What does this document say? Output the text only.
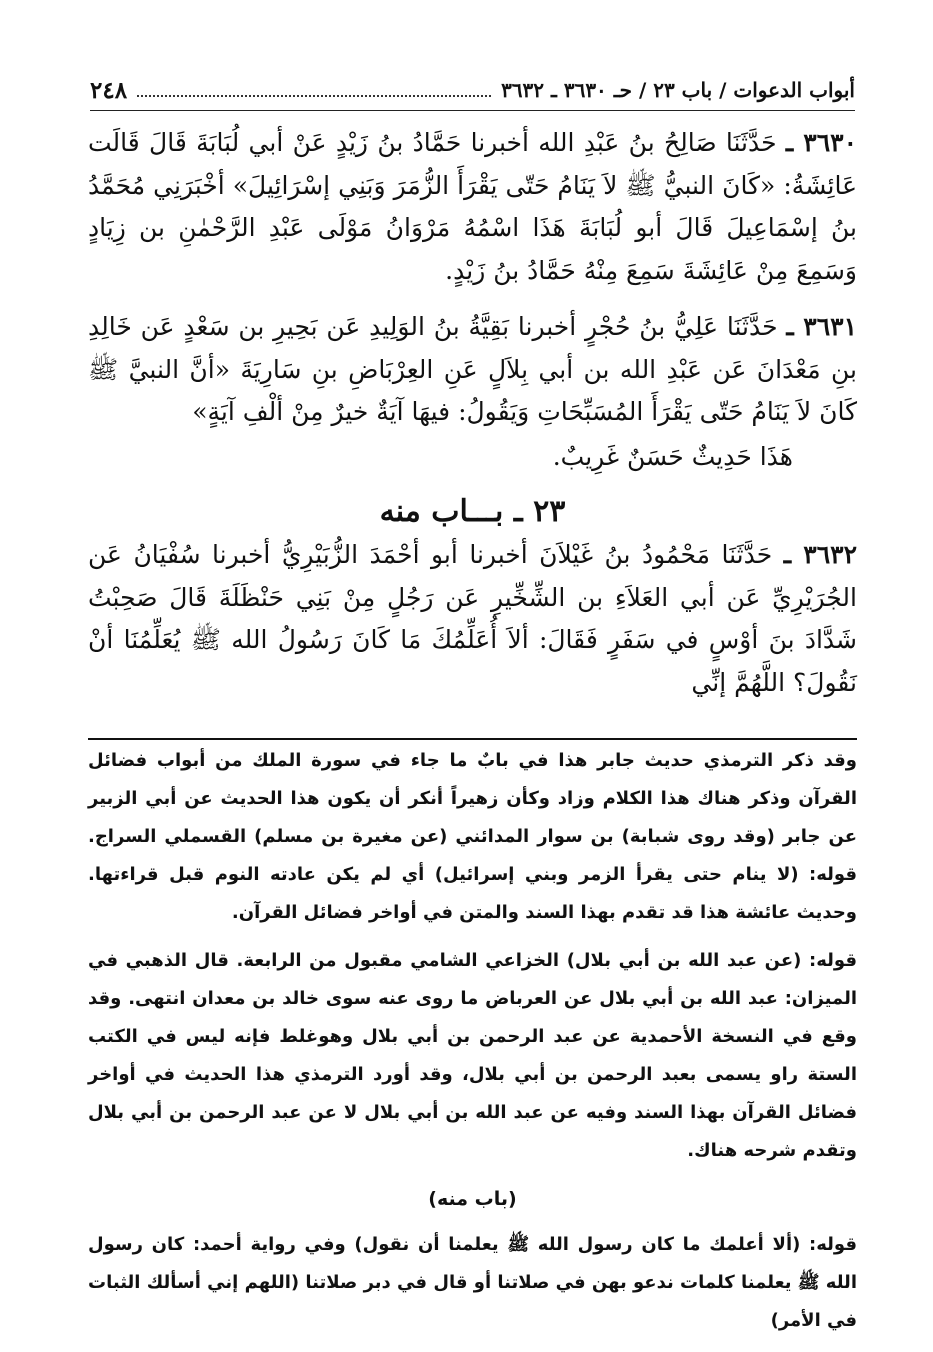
أبواب الدعوات / باب ٢٣ / حـ ٣٦٣٠ ـ ٣٦٣٢
٢٤٨

٣٦٣٠ ـ حَدَّثَنَا صَالِحُ بنُ عَبْدِ الله أخبرنا حَمَّادُ بنُ زَيْدٍ عَنْ أبي لُبَابَةَ قَالَ قَالَت عَائِشَةُ: «كَانَ النبيُّ ﷺ لاَ يَنَامُ حَتّى يَقْرَأَ الزُّمَرَ وَبَنِي إسْرَائِيلَ» أخْبَرَنِي مُحَمَّدُ بنُ إسْمَاعِيلَ قَالَ أبو لُبَابَةَ هَذَا اسْمُهُ مَرْوَانُ مَوْلَى عَبْدِ الرَّحْمٰنِ بن زِيَادٍ وَسَمِعَ مِنْ عَائِشَةَ سَمِعَ مِنْهُ حَمَّادُ بنُ زَيْدٍ.

٣٦٣١ ـ حَدَّثَنَا عَلِيُّ بنُ حُجْرٍ أخبرنا بَقِيَّةُ بنُ الوَلِيدِ عَن بَحِيرِ بن سَعْدٍ عَن خَالِدِ بنِ مَعْدَانَ عَن عَبْدِ الله بن أبي بِلاَلٍ عَنِ العِرْبَاضِ بنِ سَارِيَةَ «أنَّ النبيَّ ﷺ كَانَ لاَ يَنَامُ حَتّى يَقْرَأَ المُسَبِّحَاتِ وَيَقُولُ: فيهَا آيَةٌ خيرٌ مِنْ ألْفِ آيَةٍ»

هَذَا حَدِيثٌ حَسَنٌ غَرِيبٌ.

٢٣ ـ بـــاب منه

٣٦٣٢ ـ حَدَّثَنَا مَحْمُودُ بنُ غَيْلاَنَ أخبرنا أبو أحْمَدَ الزُّبَيْرِيُّ أخبرنا سُفْيَانُ عَن الجُرَيْرِيِّ عَن أبي العَلاَءِ بن الشِّخِّيرِ عَن رَجُلٍ مِنْ بَنِي حَنْظَلَةَ قَالَ صَحِبْتُ شَدَّادَ بنَ أوْسٍ في سَفَرٍ فَقَالَ: ألاَ أُعَلِّمُكَ مَا كَانَ رَسُولُ الله ﷺ يُعَلِّمُنَا أنْ نَقُولَ؟ اللَّهُمَّ إنِّي

وقد ذكر الترمذي حديث جابر هذا في بابٌ ما جاء في سورة الملك من أبواب فضائل القرآن وذكر هناك هذا الكلام وزاد وكأن زهيراً أنكر أن يكون هذا الحديث عن أبي الزبير عن جابر (وقد روى شبابة) بن سوار المدائني (عن مغيرة بن مسلم) القسملي السراج. قوله: (لا ينام حتى يقرأ الزمر وبني إسرائيل) أي لم يكن عادته النوم قبل قراءتها. وحديث عائشة هذا قد تقدم بهذا السند والمتن في أواخر فضائل القرآن.

قوله: (عن عبد الله بن أبي بلال) الخزاعي الشامي مقبول من الرابعة. قال الذهبي في الميزان: عبد الله بن أبي بلال عن العرباض ما روى عنه سوى خالد بن معدان انتهى. وقد وقع في النسخة الأحمدية عن عبد الرحمن بن أبي بلال وهوغلط فإنه ليس في الكتب الستة راو يسمى بعبد الرحمن بن أبي بلال، وقد أورد الترمذي هذا الحديث في أواخر فضائل القرآن بهذا السند وفيه عن عبد الله بن أبي بلال لا عن عبد الرحمن بن أبي بلال وتقدم شرحه هناك.

(باب منه)

قوله: (ألا أعلمك ما كان رسول الله ﷺ يعلمنا أن نقول) وفي رواية أحمد: كان رسول الله ﷺ يعلمنا كلمات ندعو بهن في صلاتنا أو قال في دبر صلاتنا (اللهم إني أسألك الثبات في الأمر)
